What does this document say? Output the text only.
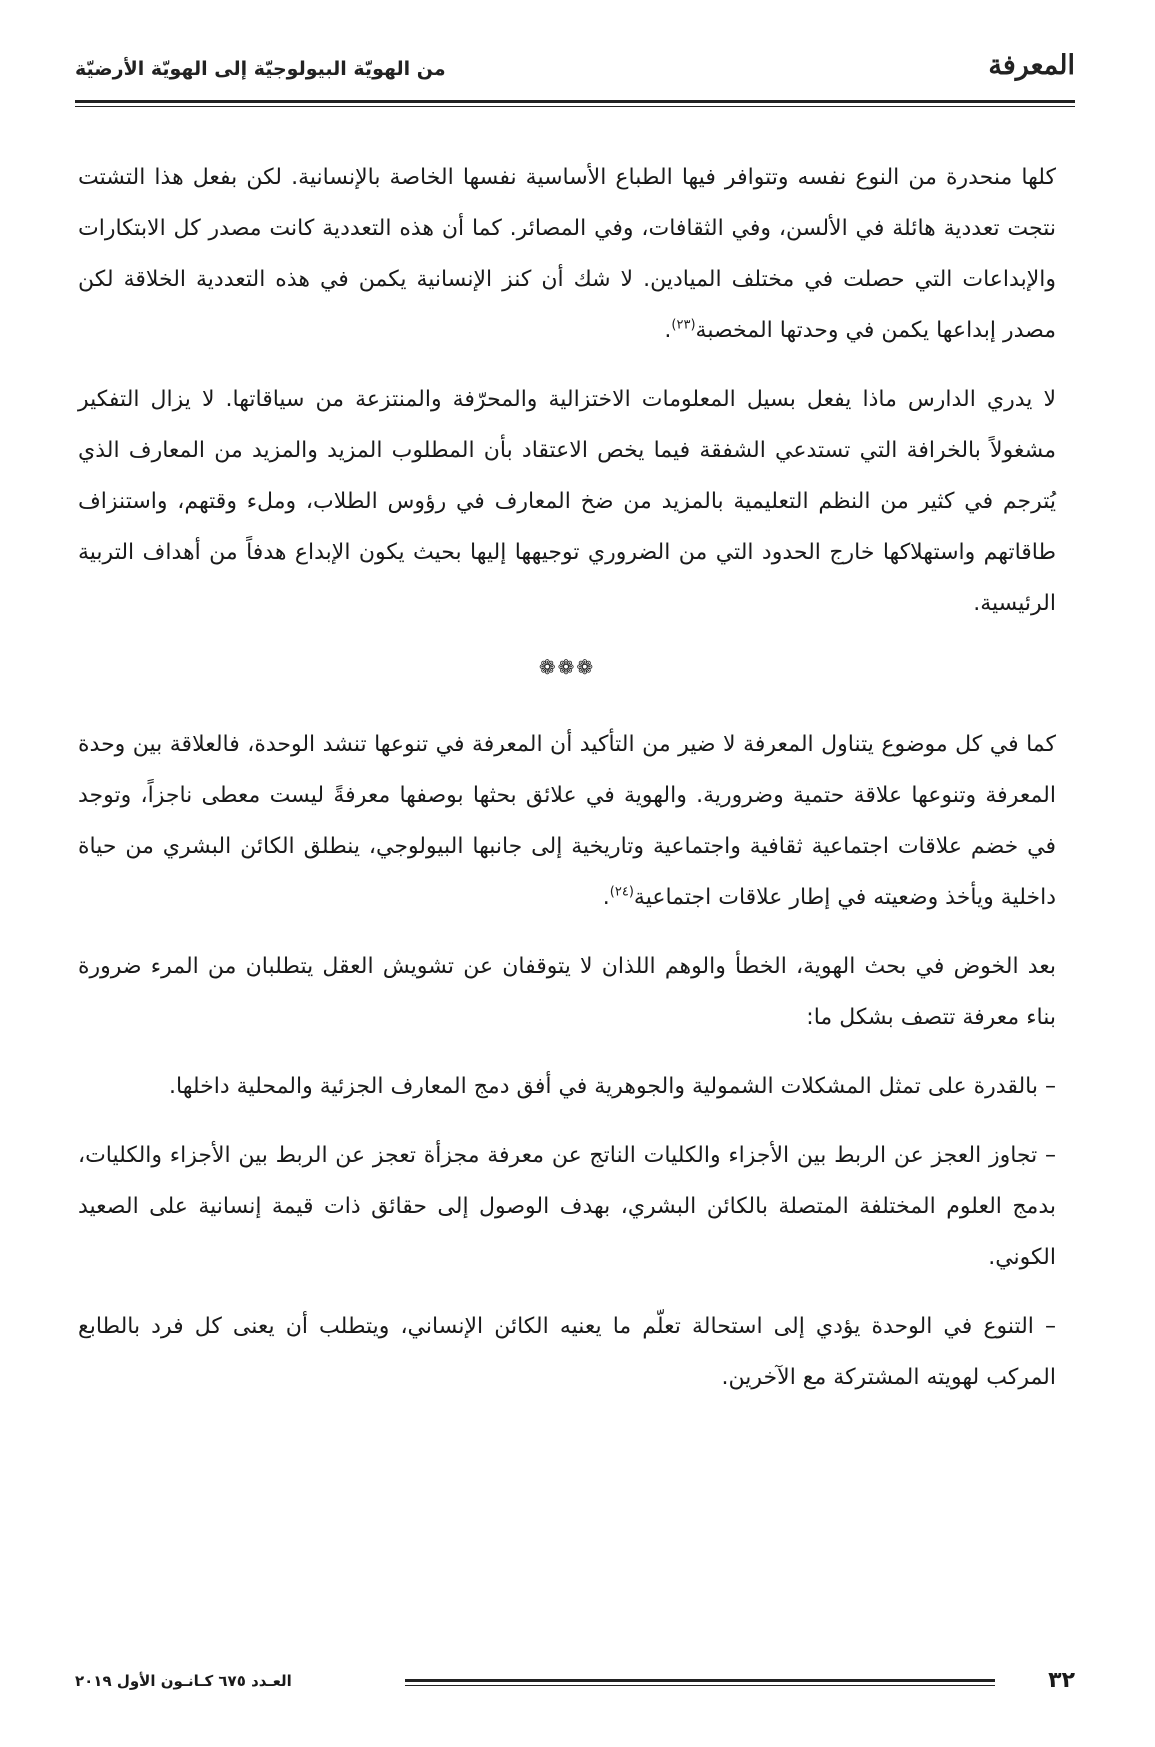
المعرفة
من الهويّة البيولوجيّة إلى الهويّة الأرضيّة

كلها منحدرة من النوع نفسه وتتوافر فيها الطباع الأساسية نفسها الخاصة بالإنسانية. لكن بفعل هذا التشتت نتجت تعددية هائلة في الألسن، وفي الثقافات، وفي المصائر. كما أن هذه التعددية كانت مصدر كل الابتكارات والإبداعات التي حصلت في مختلف الميادين. لا شك أن كنز الإنسانية يكمن في هذه التعددية الخلاقة لكن مصدر إبداعها يكمن في وحدتها المخصبة$^{(٢٣)}$.

لا يدري الدارس ماذا يفعل بسيل المعلومات الاختزالية والمحرّفة والمنتزعة من سياقاتها. لا يزال التفكير مشغولاً بالخرافة التي تستدعي الشفقة فيما يخص الاعتقاد بأن المطلوب المزيد والمزيد من المعارف الذي يُترجم في كثير من النظم التعليمية بالمزيد من ضخ المعارف في رؤوس الطلاب، وملء وقتهم، واستنزاف طاقاتهم واستهلاكها خارج الحدود التي من الضروري توجيهها إليها بحيث يكون الإبداع هدفاً من أهداف التربية الرئيسية.

❁❁❁

كما في كل موضوع يتناول المعرفة لا ضير من التأكيد أن المعرفة في تنوعها تنشد الوحدة، فالعلاقة بين وحدة المعرفة وتنوعها علاقة حتمية وضرورية. والهوية في علائق بحثها بوصفها معرفةً ليست معطى ناجزاً، وتوجد في خضم علاقات اجتماعية ثقافية واجتماعية وتاريخية إلى جانبها البيولوجي، ينطلق الكائن البشري من حياة داخلية ويأخذ وضعيته في إطار علاقات اجتماعية$^{(٢٤)}$.

بعد الخوض في بحث الهوية، الخطأ والوهم اللذان لا يتوقفان عن تشويش العقل يتطلبان من المرء ضرورة بناء معرفة تتصف بشكل ما:

– بالقدرة على تمثل المشكلات الشمولية والجوهرية في أفق دمج المعارف الجزئية والمحلية داخلها.

– تجاوز العجز عن الربط بين الأجزاء والكليات الناتج عن معرفة مجزأة تعجز عن الربط بين الأجزاء والكليات، بدمج العلوم المختلفة المتصلة بالكائن البشري، بهدف الوصول إلى حقائق ذات قيمة إنسانية على الصعيد الكوني.

– التنوع في الوحدة يؤدي إلى استحالة تعلّم ما يعنيه الكائن الإنساني، ويتطلب أن يعنى كل فرد بالطابع المركب لهويته المشتركة مع الآخرين.

٣٢
العـدد ٦٧٥ كـانـون الأول ٢٠١٩
